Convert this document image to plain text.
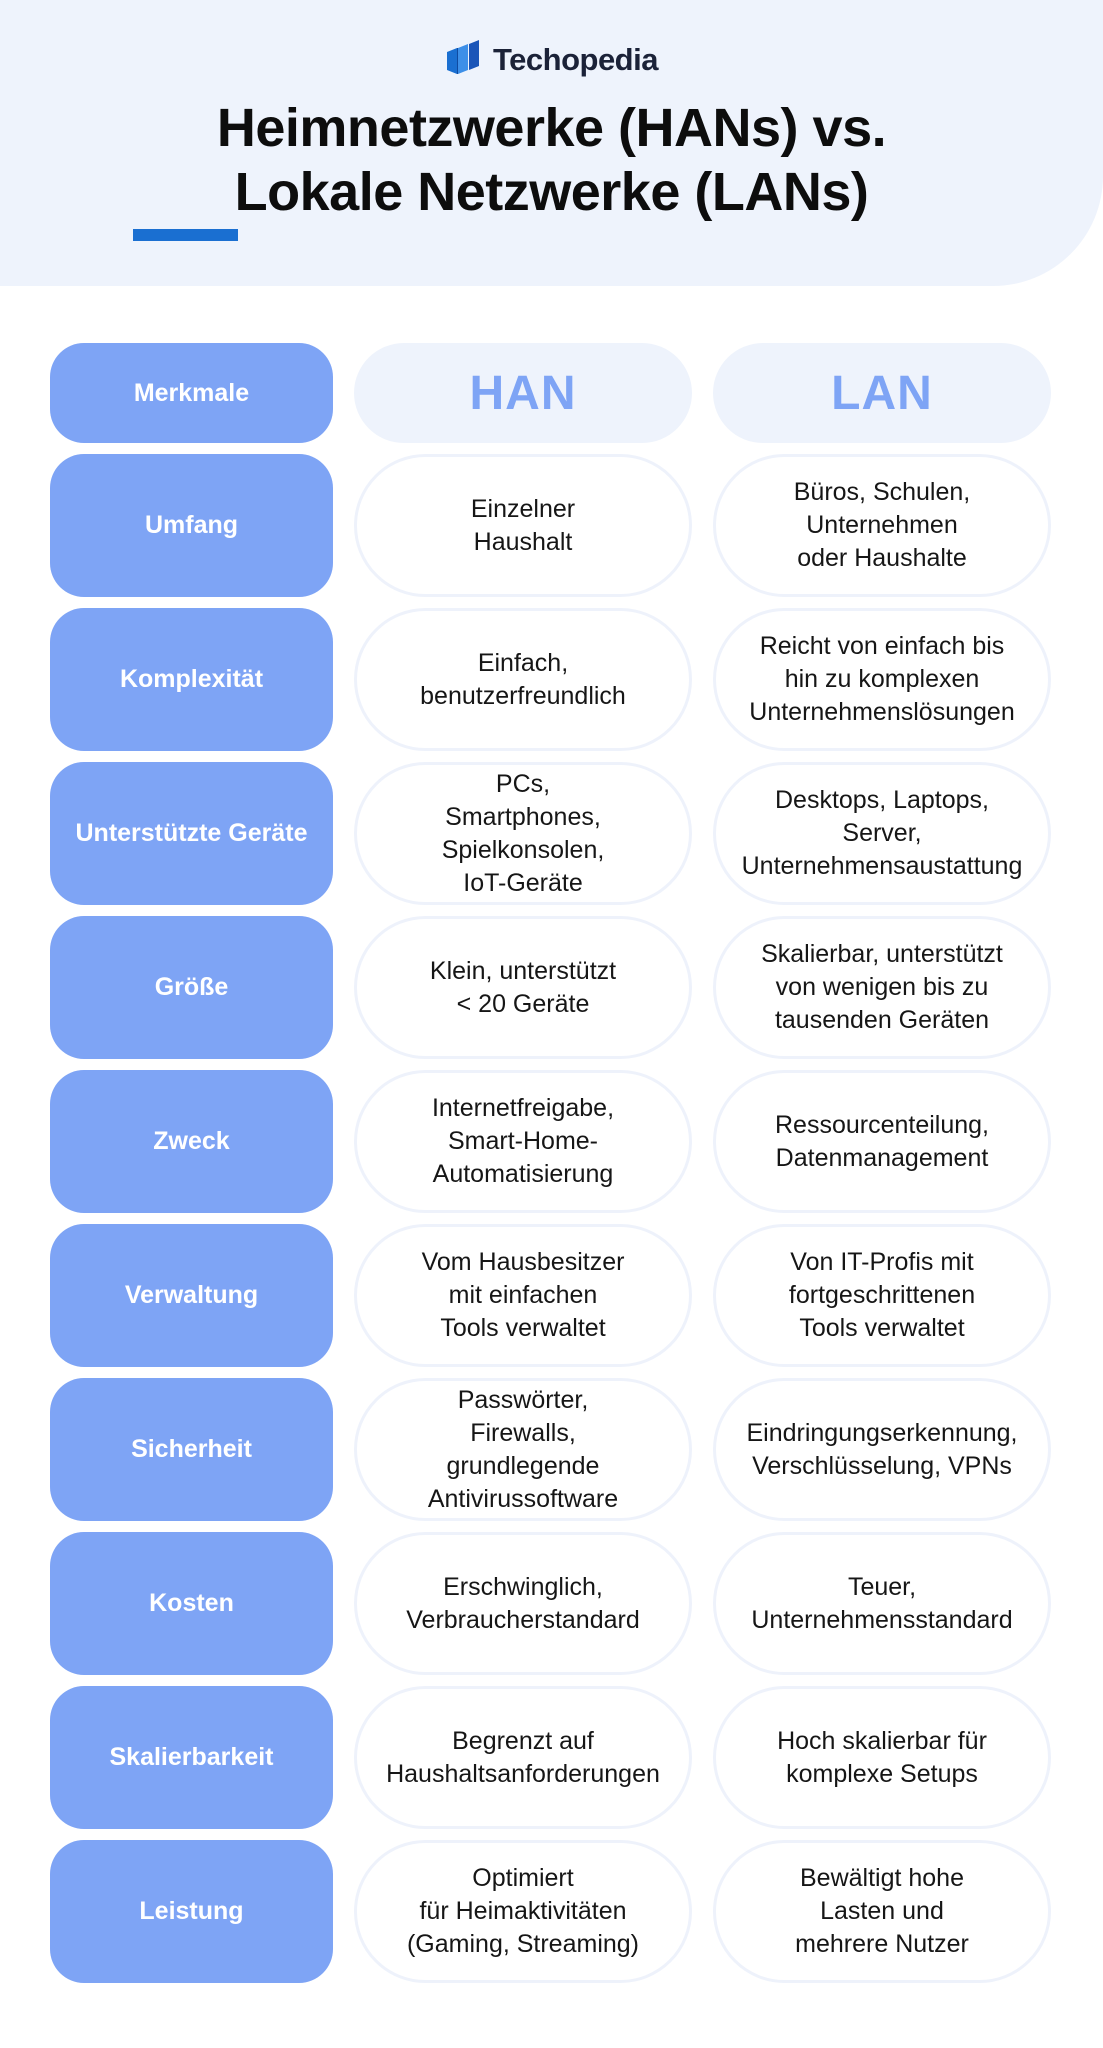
Techopedia
Heimnetzwerke (HANs) vs.
Lokale Netzwerke (LANs)
Merkmale	HAN	LAN
Umfang
Einzelner
Haushalt
Büros, Schulen,
Unternehmen
oder Haushalte
Komplexität
Einfach,
benutzerfreundlich
Reicht von einfach bis
hin zu komplexen
Unternehmenslösungen
Unterstützte Geräte
PCs,
Smartphones,
Spielkonsolen,
IoT-Geräte
Desktops, Laptops,
Server,
Unternehmensaustattung
Größe
Klein, unterstützt
< 20 Geräte
Skalierbar, unterstützt
von wenigen bis zu
tausenden Geräten
Zweck
Internetfreigabe,
Smart-Home-
Automatisierung
Ressourcenteilung,
Datenmanagement
Verwaltung
Vom Hausbesitzer
mit einfachen
Tools verwaltet
Von IT-Profis mit
fortgeschrittenen
Tools verwaltet
Sicherheit
Passwörter,
Firewalls,
grundlegende
Antivirussoftware
Eindringungserkennung,
Verschlüsselung, VPNs
Kosten
Erschwinglich,
Verbraucherstandard
Teuer,
Unternehmensstandard
Skalierbarkeit
Begrenzt auf
Haushaltsanforderungen
Hoch skalierbar für
komplexe Setups
Leistung
Optimiert
für Heimaktivitäten
(Gaming, Streaming)
Bewältigt hohe
Lasten und
mehrere Nutzer
